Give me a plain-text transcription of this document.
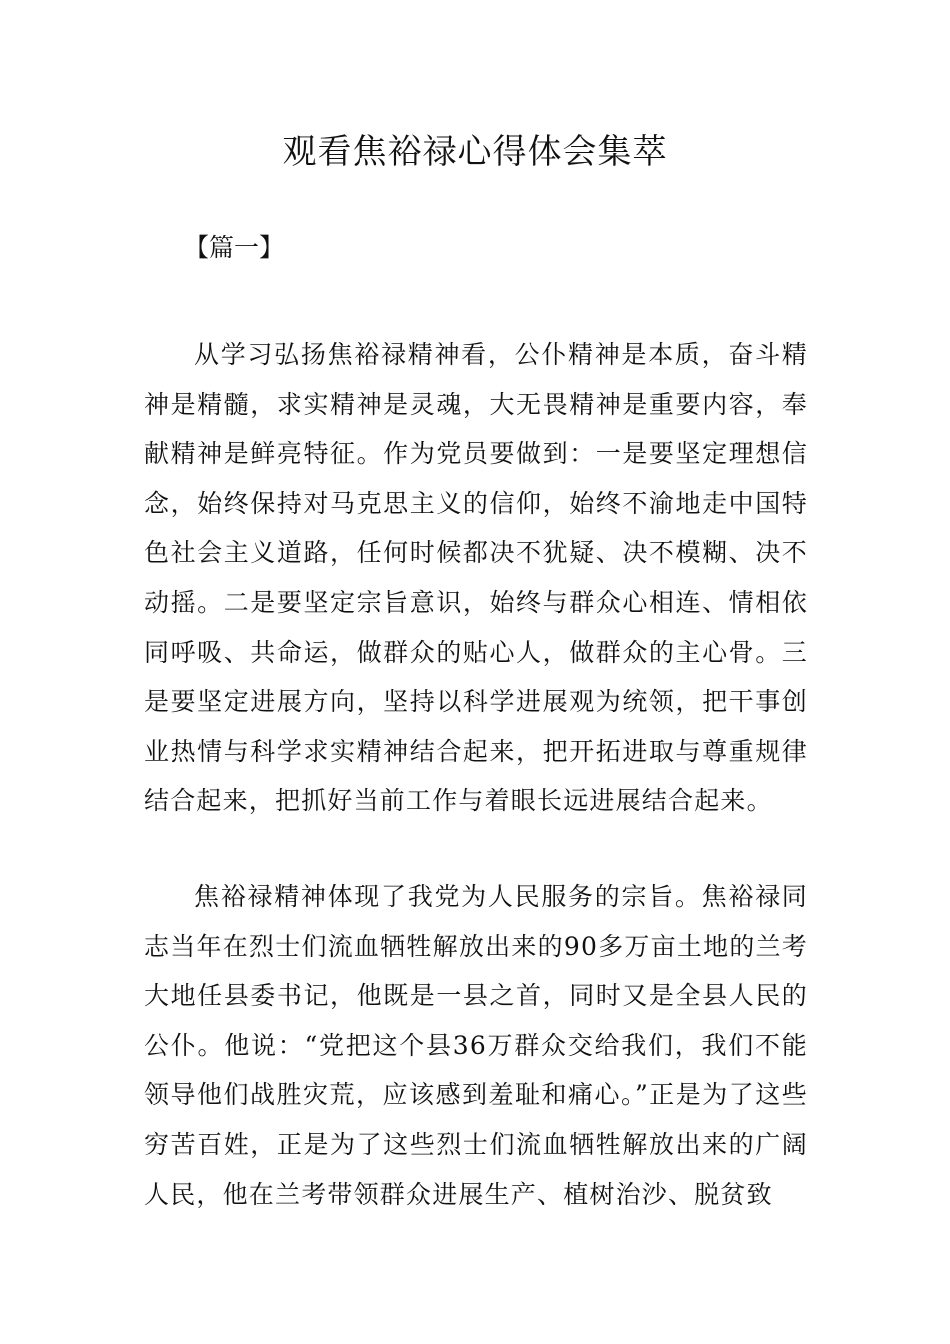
观看焦裕禄心得体会集萃
【篇一】

从学习弘扬焦裕禄精神看，公仆精神是本质，奋斗精神是精髓，求实精神是灵魂，大无畏精神是重要内容，奉献精神是鲜亮特征。作为党员要做到：一是要坚定理想信念，始终保持对马克思主义的信仰，始终不渝地走中国特色社会主义道路，任何时候都决不犹疑、决不模糊、决不动摇。二是要坚定宗旨意识，始终与群众心相连、情相依同呼吸、共命运，做群众的贴心人，做群众的主心骨。三是要坚定进展方向，坚持以科学进展观为统领，把干事创业热情与科学求实精神结合起来，把开拓进取与尊重规律结合起来，把抓好当前工作与着眼长远进展结合起来。

焦裕禄精神体现了我党为人民服务的宗旨。焦裕禄同志当年在烈士们流血牺牲解放出来的90多万亩土地的兰考大地任县委书记，他既是一县之首，同时又是全县人民的公仆。他说：“党把这个县36万群众交给我们，我们不能领导他们战胜灾荒，应该感到羞耻和痛心。”正是为了这些穷苦百姓，正是为了这些烈士们流血牺牲解放出来的广阔人民，他在兰考带领群众进展生产、植树治沙、脱贫致
